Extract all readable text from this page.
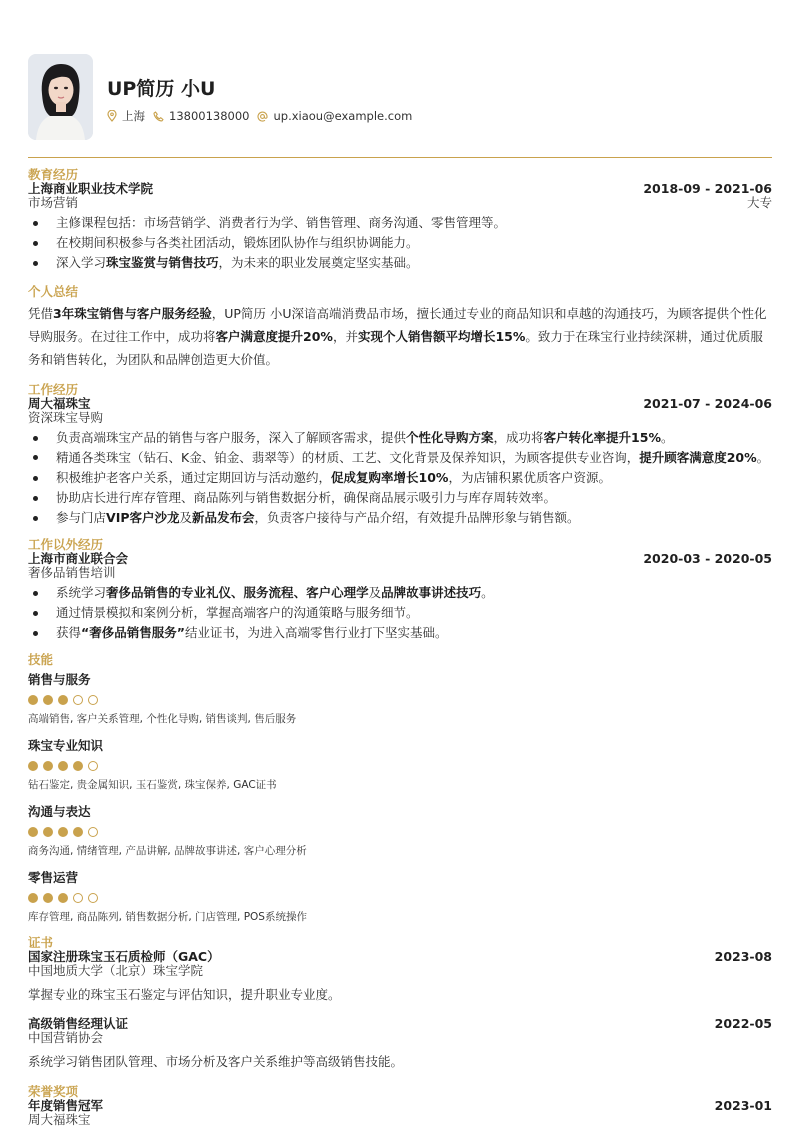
UP简历 小U
上海 13800138000 up.xiaou@example.com
教育经历
上海商业职业技术学院	2018-09 - 2021-06
市场营销	大专
主修课程包括：市场营销学、消费者行为学、销售管理、商务沟通、零售管理等。
在校期间积极参与各类社团活动，锻炼团队协作与组织协调能力。
深入学习珠宝鉴赏与销售技巧，为未来的职业发展奠定坚实基础。
个人总结
凭借3年珠宝销售与客户服务经验，UP简历 小U深谙高端消费品市场，擅长通过专业的商品知识和卓越的沟通技巧，为顾客提供个性化导购服务。在过往工作中，成功将客户满意度提升20%，并实现个人销售额平均增长15%。致力于在珠宝行业持续深耕，通过优质服务和销售转化，为团队和品牌创造更大价值。
工作经历
周大福珠宝	2021-07 - 2024-06
资深珠宝导购
负责高端珠宝产品的销售与客户服务，深入了解顾客需求，提供个性化导购方案，成功将客户转化率提升15%。
精通各类珠宝（钻石、K金、铂金、翡翠等）的材质、工艺、文化背景及保养知识，为顾客提供专业咨询，提升顾客满意度20%。
积极维护老客户关系，通过定期回访与活动邀约，促成复购率增长10%，为店铺积累优质客户资源。
协助店长进行库存管理、商品陈列与销售数据分析，确保商品展示吸引力与库存周转效率。
参与门店VIP客户沙龙及新品发布会，负责客户接待与产品介绍，有效提升品牌形象与销售额。
工作以外经历
上海市商业联合会	2020-03 - 2020-05
奢侈品销售培训
系统学习奢侈品销售的专业礼仪、服务流程、客户心理学及品牌故事讲述技巧。
通过情景模拟和案例分析，掌握高端客户的沟通策略与服务细节。
获得“奢侈品销售服务”结业证书，为进入高端零售行业打下坚实基础。
技能
销售与服务
高端销售, 客户关系管理, 个性化导购, 销售谈判, 售后服务
珠宝专业知识
钻石鉴定, 贵金属知识, 玉石鉴赏, 珠宝保养, GAC证书
沟通与表达
商务沟通, 情绪管理, 产品讲解, 品牌故事讲述, 客户心理分析
零售运营
库存管理, 商品陈列, 销售数据分析, 门店管理, POS系统操作
证书
国家注册珠宝玉石质检师（GAC）	2023-08
中国地质大学（北京）珠宝学院
掌握专业的珠宝玉石鉴定与评估知识，提升职业专业度。
高级销售经理认证	2022-05
中国营销协会
系统学习销售团队管理、市场分析及客户关系维护等高级销售技能。
荣誉奖项
年度销售冠军	2023-01
周大福珠宝
